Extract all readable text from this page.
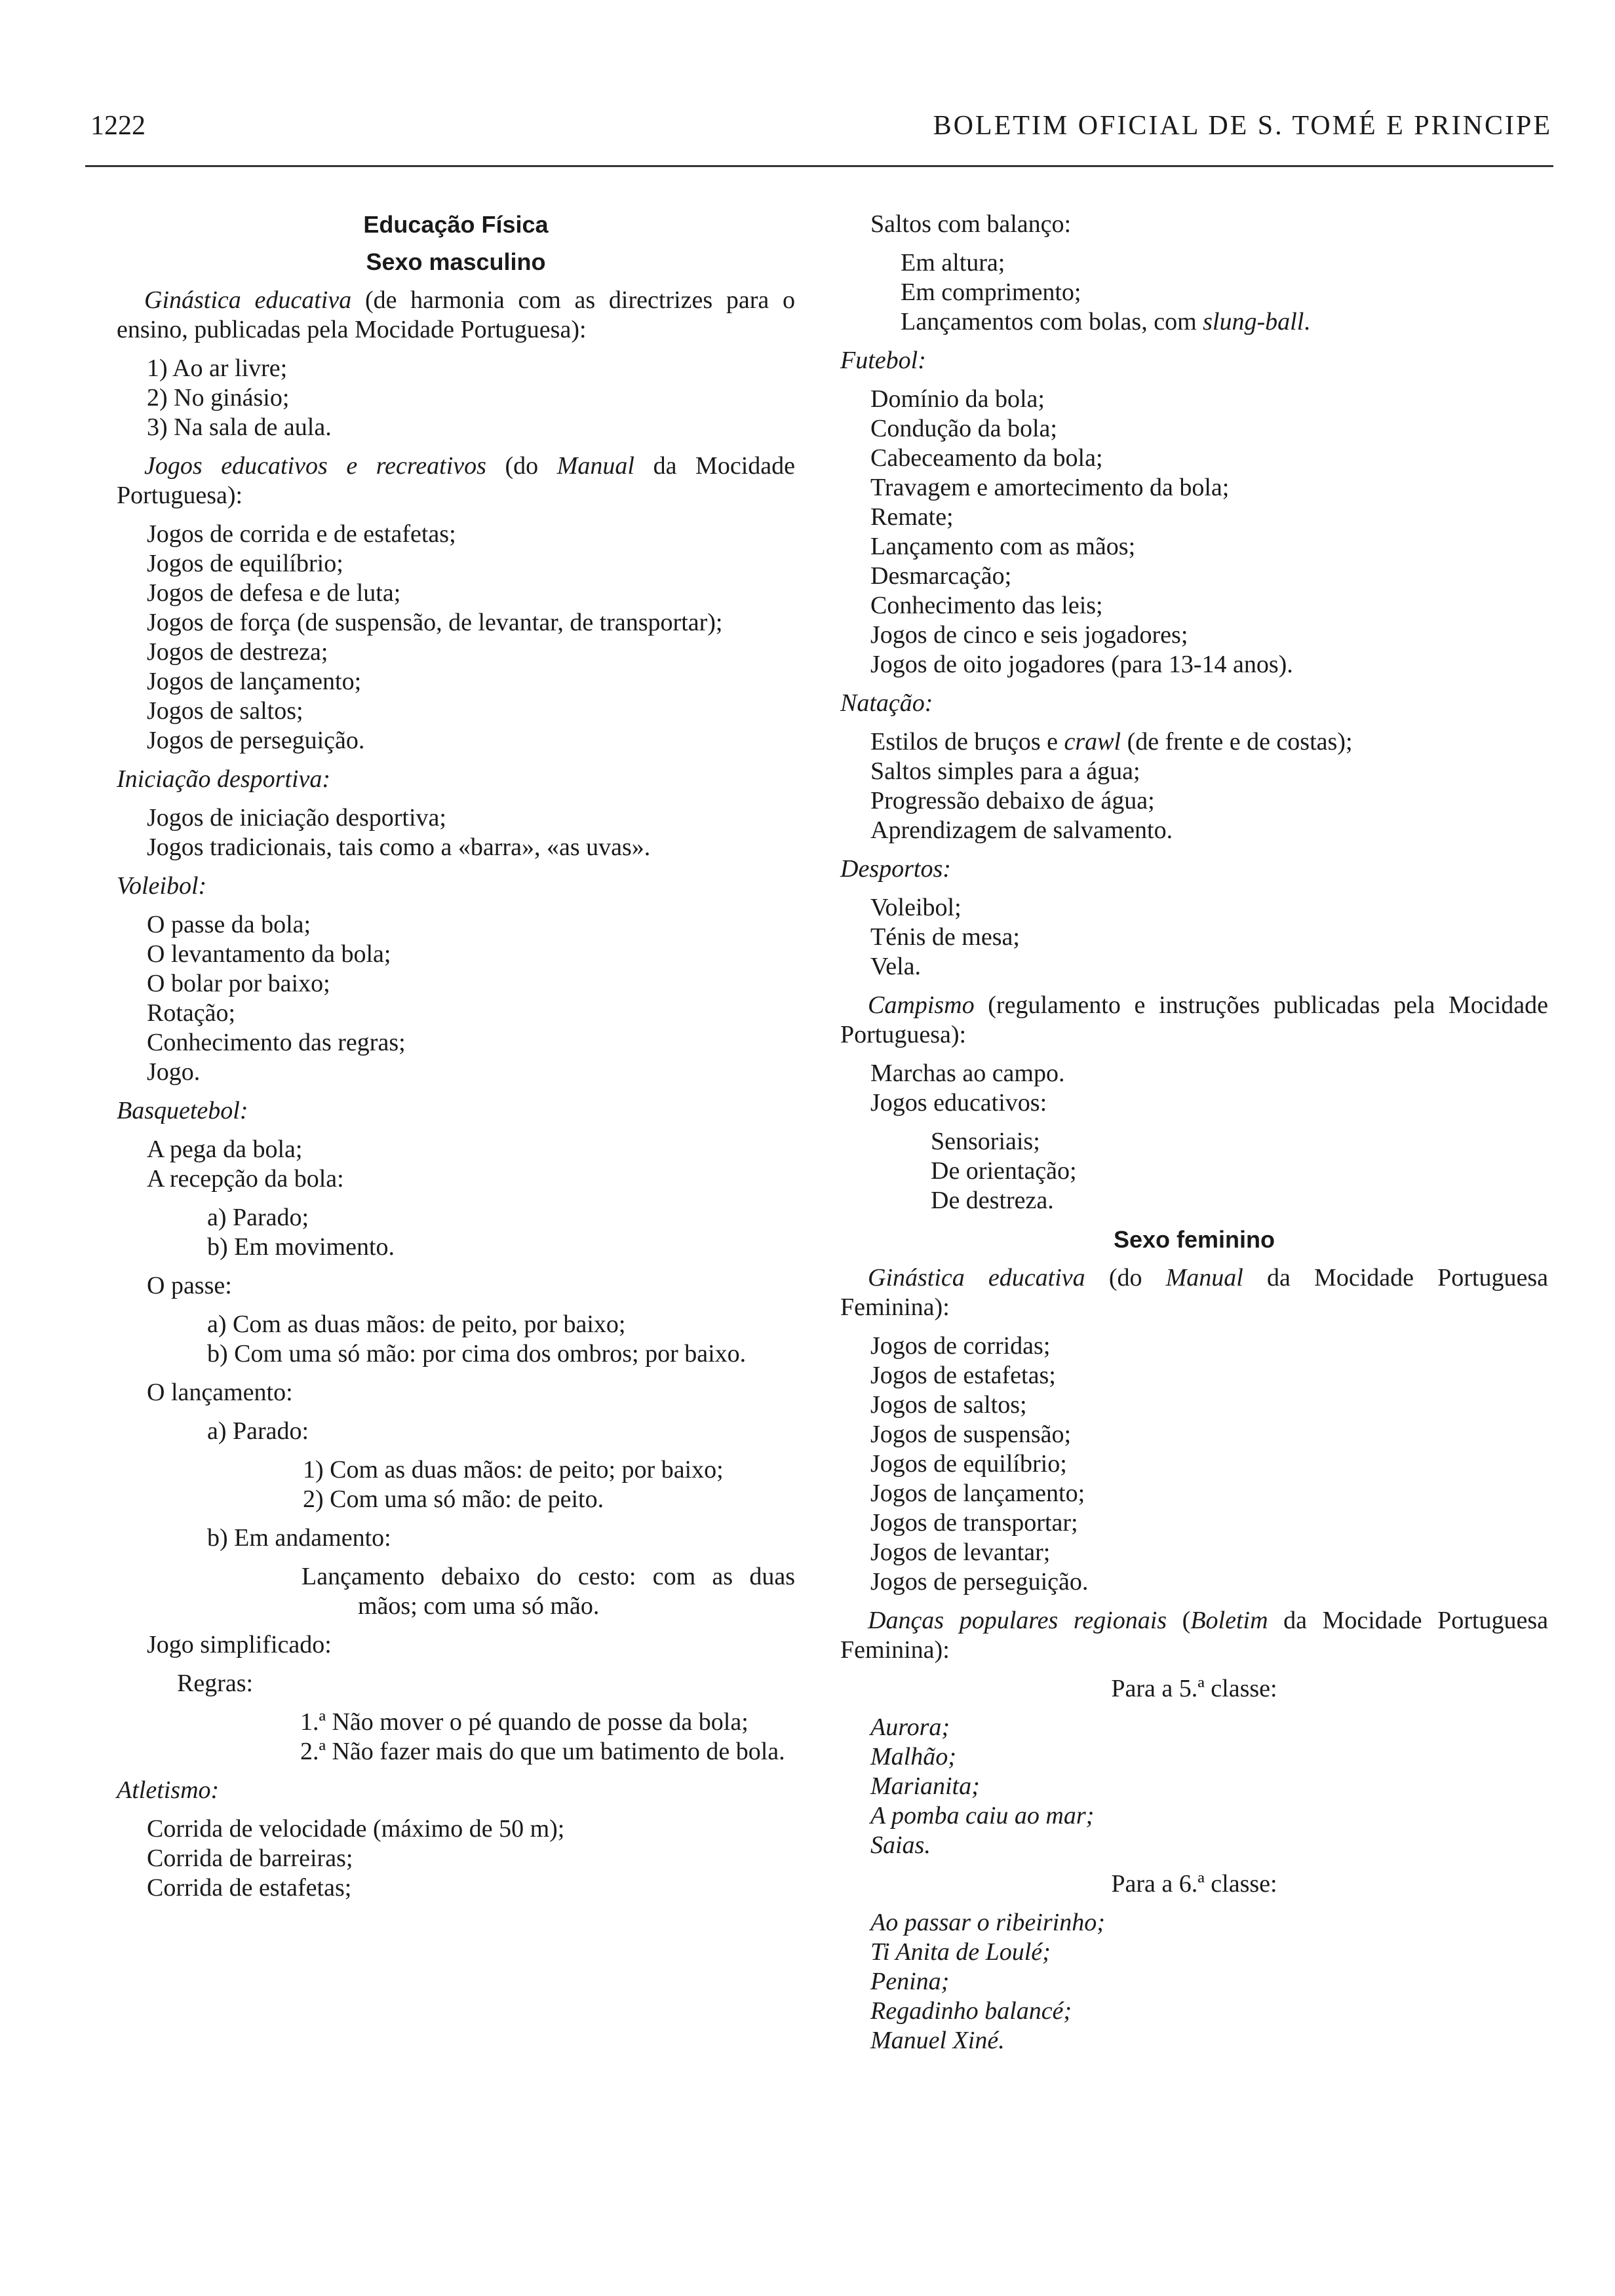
1222	BOLETIM OFICIAL DE S. TOMÉ E PRINCIPE
Educação Física
Sexo masculino
Ginástica educativa (de harmonia com as directrizes para o ensino, publicadas pela Mocidade Portuguesa):
1) Ao ar livre;
2) No ginásio;
3) Na sala de aula.
Jogos educativos e recreativos (do Manual da Mocidade Portuguesa):
Jogos de corrida e de estafetas;
Jogos de equilíbrio;
Jogos de defesa e de luta;
Jogos de força (de suspensão, de levantar, de transportar);
Jogos de destreza;
Jogos de lançamento;
Jogos de saltos;
Jogos de perseguição.
Iniciação desportiva:
Jogos de iniciação desportiva;
Jogos tradicionais, tais como a «barra», «as uvas».
Voleibol:
O passe da bola;
O levantamento da bola;
O bolar por baixo;
Rotação;
Conhecimento das regras;
Jogo.
Basquetebol:
A pega da bola;
A recepção da bola:
a) Parado;
b) Em movimento.
O passe:
a) Com as duas mãos: de peito, por baixo;
b) Com uma só mão: por cima dos ombros; por baixo.
O lançamento:
a) Parado:
1) Com as duas mãos: de peito; por baixo;
2) Com uma só mão: de peito.
b) Em andamento:
Lançamento debaixo do cesto: com as duas mãos; com uma só mão.
Jogo simplificado:
Regras:
1.ª Não mover o pé quando de posse da bola;
2.ª Não fazer mais do que um batimento de bola.
Atletismo:
Corrida de velocidade (máximo de 50 m);
Corrida de barreiras;
Corrida de estafetas;
Saltos com balanço:
Em altura;
Em comprimento;
Lançamentos com bolas, com slung-ball.
Futebol:
Domínio da bola;
Condução da bola;
Cabeceamento da bola;
Travagem e amortecimento da bola;
Remate;
Lançamento com as mãos;
Desmarcação;
Conhecimento das leis;
Jogos de cinco e seis jogadores;
Jogos de oito jogadores (para 13-14 anos).
Natação:
Estilos de bruços e crawl (de frente e de costas);
Saltos simples para a água;
Progressão debaixo de água;
Aprendizagem de salvamento.
Desportos:
Voleibol;
Ténis de mesa;
Vela.
Campismo (regulamento e instruções publicadas pela Mocidade Portuguesa):
Marchas ao campo.
Jogos educativos:
Sensoriais;
De orientação;
De destreza.
Sexo feminino
Ginástica educativa (do Manual da Mocidade Portuguesa Feminina):
Jogos de corridas;
Jogos de estafetas;
Jogos de saltos;
Jogos de suspensão;
Jogos de equilíbrio;
Jogos de lançamento;
Jogos de transportar;
Jogos de levantar;
Jogos de perseguição.
Danças populares regionais (Boletim da Mocidade Portuguesa Feminina):
Para a 5.ª classe:
Aurora;
Malhão;
Marianita;
A pomba caiu ao mar;
Saias.
Para a 6.ª classe:
Ao passar o ribeirinho;
Ti Anita de Loulé;
Penina;
Regadinho balancé;
Manuel Xiné.
